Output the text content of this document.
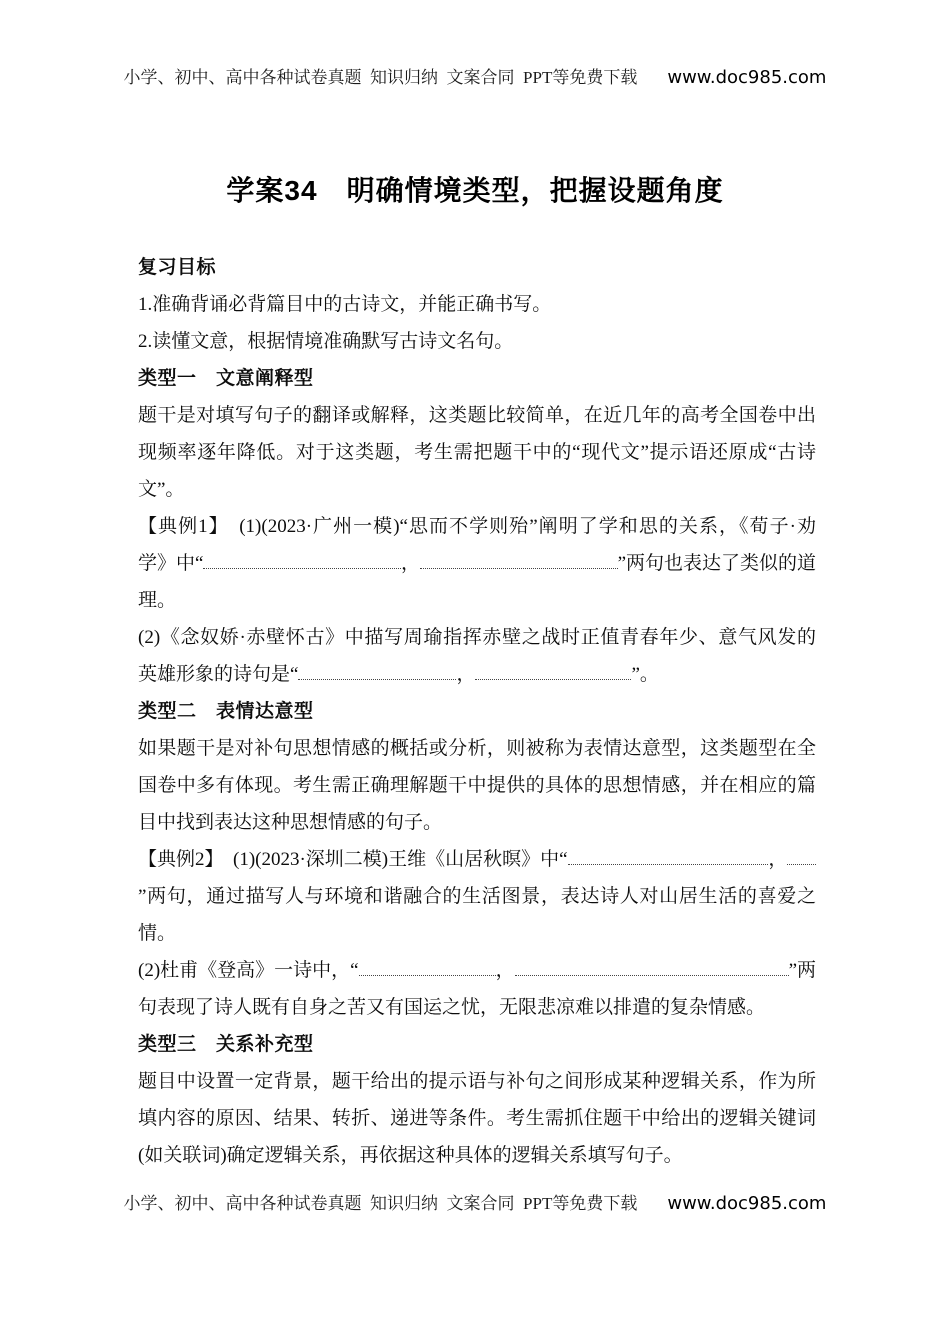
小学、初中、高中各种试卷真题  知识归纳  文案合同  PPT等免费下载 www.doc985.com
学案34　明确情境类型，把握设题角度
复习目标
1.准确背诵必背篇目中的古诗文，并能正确书写。
2.读懂文意，根据情境准确默写古诗文名句。
类型一　文意阐释型
题干是对填写句子的翻译或解释，这类题比较简单，在近几年的高考全国卷中出
现频率逐年降低。对于这类题，考生需把题干中的“现代文”提示语还原成“古诗
文”。
【典例1】　(1)(2023·广州一模)“思而不学则殆”阐明了学和思的关系，《荀子·劝
学》中“	，	”两句也表达了类似的道
理。
(2)《念奴娇·赤壁怀古》中描写周瑜指挥赤壁之战时正值青春年少、意气风发的
英雄形象的诗句是“	，	”。
类型二　表情达意型
如果题干是对补句思想情感的概括或分析，则被称为表情达意型，这类题型在全
国卷中多有体现。考生需正确理解题干中提供的具体的思想情感，并在相应的篇
目中找到表达这种思想情感的句子。
【典例2】　(1)(2023·深圳二模)王维《山居秋暝》中“	，
”两句，通过描写人与环境和谐融合的生活图景，表达诗人对山居生活的喜爱之
情。
(2)杜甫《登高》一诗中，“	，	”两
句表现了诗人既有自身之苦又有国运之忧，无限悲凉难以排遣的复杂情感。
类型三　关系补充型
题目中设置一定背景，题干给出的提示语与补句之间形成某种逻辑关系，作为所
填内容的原因、结果、转折、递进等条件。考生需抓住题干中给出的逻辑关键词
(如关联词)确定逻辑关系，再依据这种具体的逻辑关系填写句子。
小学、初中、高中各种试卷真题  知识归纳  文案合同  PPT等免费下载 www.doc985.com
